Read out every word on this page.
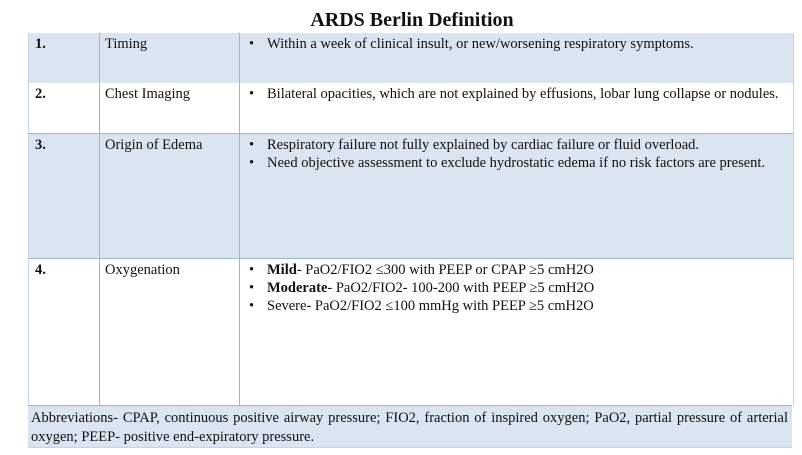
ARDS Berlin Definition
1.	Timing	• Within a week of clinical insult, or new/worsening respiratory symptoms.
2.	Chest Imaging	• Bilateral opacities, which are not explained by effusions, lobar lung collapse or nodules.
3.	Origin of Edema	• Respiratory failure not fully explained by cardiac failure or fluid overload.
• Need objective assessment to exclude hydrostatic edema if no risk factors are present.
4.	Oxygenation	• Mild- PaO2/FIO2 ≤300 with PEEP or CPAP ≥5 cmH2O
• Moderate- PaO2/FIO2- 100-200 with PEEP ≥5 cmH2O
• Severe- PaO2/FIO2 ≤100 mmHg with PEEP ≥5 cmH2O
Abbreviations- CPAP, continuous positive airway pressure; FIO2, fraction of inspired oxygen; PaO2, partial pressure of arterial oxygen; PEEP- positive end-expiratory pressure.
